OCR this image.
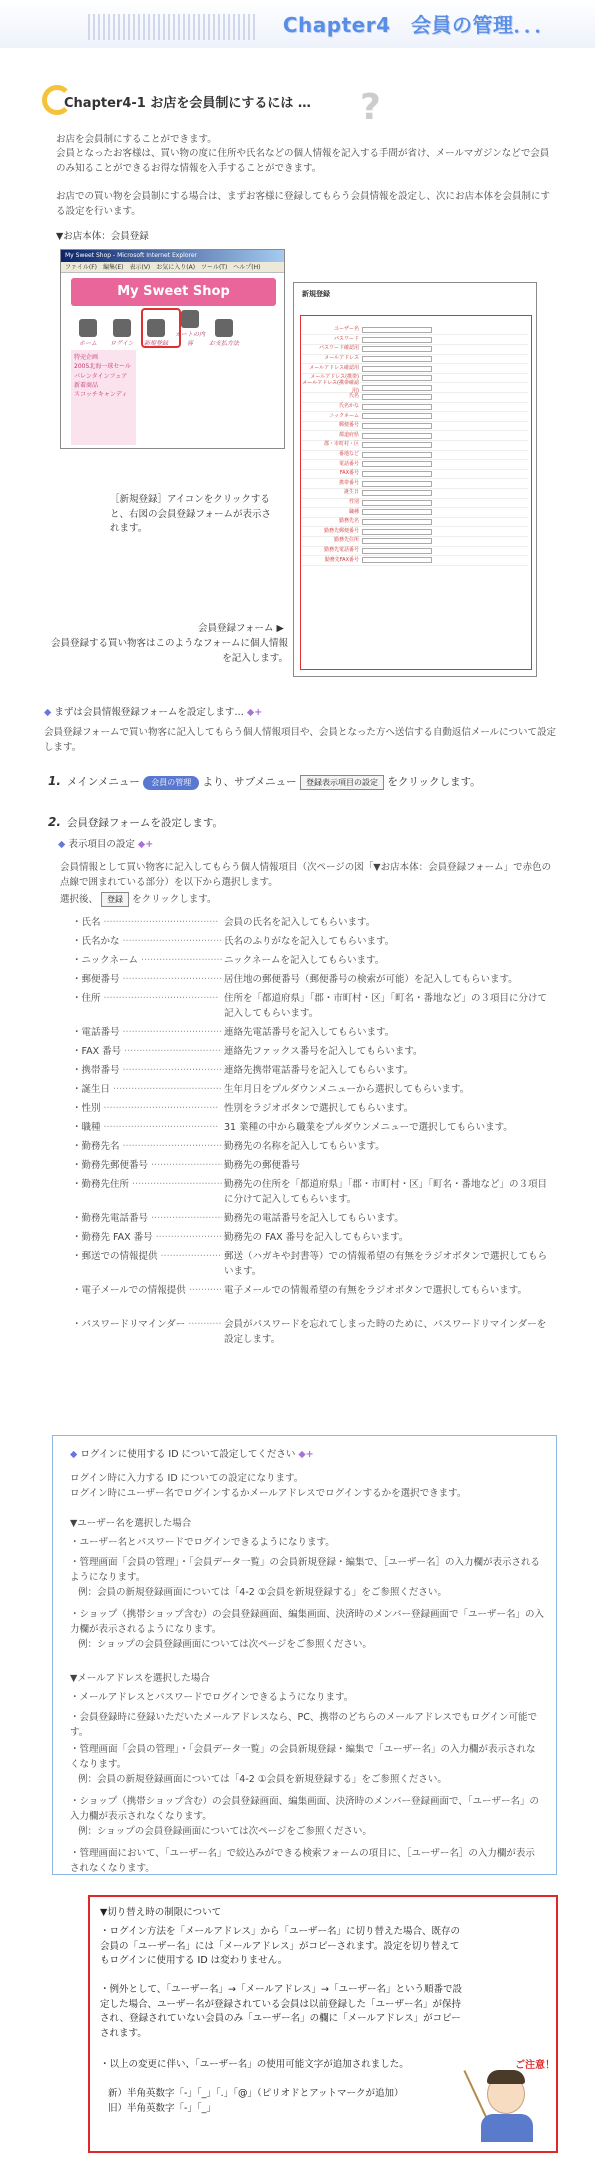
Chapter4　会員の管理．．．
Chapter4-1 お店を会員制にするには … ?
お店を会員制にすることができます。
会員となったお客様は、買い物の度に住所や氏名などの個人情報を記入する手間が省け、メールマガジンなどで会員のみ知ることができるお得な情報を入手することができます。
お店での買い物を会員制にする場合は、まずお客様に登録してもらう会員情報を設定し、次にお店本体を会員制にする設定を行います。
▼お店本体：会員登録
My Sweet Shop - Microsoft Internet Explorer
ファイル(F)　編集(E)　表示(V)　お気に入り(A)　ツール(T)　ヘルプ(H)
My Sweet Shop
ホーム ログイン 新規登録
カートの内容	お支払方法
特売企画
2005北海一球セール
バレンタインフェア
新着商品
スコッチキャンディ
新規登録
ユーザー名
パスワード
パスワード確認用
メールアドレス
メールアドレス確認用
メールアドレス(携帯)
メールアドレス(携帯確認用)
氏名
氏名かな
ニックネーム
郵便番号
都道府県
郡・市町村・区
番地など
電話番号
FAX番号
携帯番号
誕生日
性別
職種
勤務先名
勤務先郵便番号
勤務先住所
勤務先電話番号
勤務先FAX番号
［新規登録］アイコンをクリックすると、右図の会員登録フォームが表示されます。
会員登録フォーム ▶
会員登録する買い物客はこのようなフォームに個人情報を記入します。
◆ まずは会員情報登録フォームを設定します… ◆+
会員登録フォームで買い物客に記入してもらう個人情報項目や、会員となった方へ送信する自動返信メールについて設定します。
1. メインメニュー 会員の管理 より、サブメニュー 登録表示項目の設定 をクリックします。
2. 会員登録フォームを設定します。
◆ 表示項目の設定 ◆+
会員情報として買い物客に記入してもらう個人情報項目（次ページの図「▼お店本体：会員登録フォーム」で赤色の点線で囲まれている部分）を以下から選択します。
選択後、 登録 をクリックします。
・氏名 ·····	会員の氏名を記入してもらいます。
・氏名かな ·····	氏名のふりがなを記入してもらいます。
・ニックネーム ·····	ニックネームを記入してもらいます。
・郵便番号 ·····	居住地の郵便番号（郵便番号の検索が可能）を記入してもらいます。
・住所 ·····	住所を「都道府県」「郡・市町村・区」「町名・番地など」の３項目に分けて記入してもらいます。
・電話番号 ·····	連絡先電話番号を記入してもらいます。
・FAX 番号 ·····	連絡先ファックス番号を記入してもらいます。
・携帯番号 ·····	連絡先携帯電話番号を記入してもらいます。
・誕生日 ·····	生年月日をプルダウンメニューから選択してもらいます。
・性別 ·····	性別をラジオボタンで選択してもらいます。
・職種 ·····	31 業種の中から職業をプルダウンメニューで選択してもらいます。
・勤務先名 ·····	勤務先の名称を記入してもらいます。
・勤務先郵便番号 ·····	勤務先の郵便番号
・勤務先住所 ·····	勤務先の住所を「都道府県」「郡・市町村・区」「町名・番地など」の３項目に分けて記入してもらいます。
・勤務先電話番号 ·····	勤務先の電話番号を記入してもらいます。
・勤務先 FAX 番号 ·····	勤務先の FAX 番号を記入してもらいます。
・郵送での情報提供 ·····	郵送（ハガキや封書等）での情報希望の有無をラジオボタンで選択してもらいます。
・電子メールでの情報提供 ·····	電子メールでの情報希望の有無をラジオボタンで選択してもらいます。
・パスワードリマインダー ·····	会員がパスワードを忘れてしまった時のために、パスワードリマインダーを設定します。
◆ ログインに使用する ID について設定してください ◆+
ログイン時に入力する ID についての設定になります。
ログイン時にユーザー名でログインするかメールアドレスでログインするかを選択できます。
▼ユーザー名を選択した場合
・ユーザー名とパスワードでログインできるようになります。
・管理画面「会員の管理」・「会員データ一覧」の会員新規登録・編集で、［ユーザー名］の入力欄が表示されるようになります。
例：会員の新規登録画面については「4-2 ①会員を新規登録する」をご参照ください。
・ショップ（携帯ショップ含む）の会員登録画面、編集画面、決済時のメンバー登録画面で「ユーザー名」の入力欄が表示されるようになります。
例：ショップの会員登録画面については次ページをご参照ください。
▼メールアドレスを選択した場合
・メールアドレスとパスワードでログインできるようになります。
・会員登録時に登録いただいたメールアドレスなら、PC、携帯のどちらのメールアドレスでもログイン可能です。
・管理画面「会員の管理」・「会員データ一覧」の会員新規登録・編集で「ユーザー名」の入力欄が表示されなくなります。
例：会員の新規登録画面については「4-2 ①会員を新規登録する」をご参照ください。
・ショップ（携帯ショップ含む）の会員登録画面、編集画面、決済時のメンバー登録画面で、「ユーザー名」の入力欄が表示されなくなります。
例：ショップの会員登録画面については次ページをご参照ください。
・管理画面において、「ユーザー名」で絞込みができる検索フォームの項目に、［ユーザー名］の入力欄が表示されなくなります。
▼切り替え時の制限について
・ログイン方法を「メールアドレス」から「ユーザー名」に切り替えた場合、既存の会員の「ユーザー名」には「メールアドレス」がコピーされます。設定を切り替えてもログインに使用する ID は変わりません。
・例外として、「ユーザー名」→「メールアドレス」→「ユーザー名」という順番で設定した場合、ユーザー名が登録されている会員は以前登録した「ユーザー名」が保持され、登録されていない会員のみ「ユーザー名」の欄に「メールアドレス」がコピーされます。
・以上の変更に伴い、「ユーザー名」の使用可能文字が追加されました。
新）半角英数字「-」「_」「.」「@」（ピリオドとアットマークが追加）
旧）半角英数字「-」「_」
ご注意！
